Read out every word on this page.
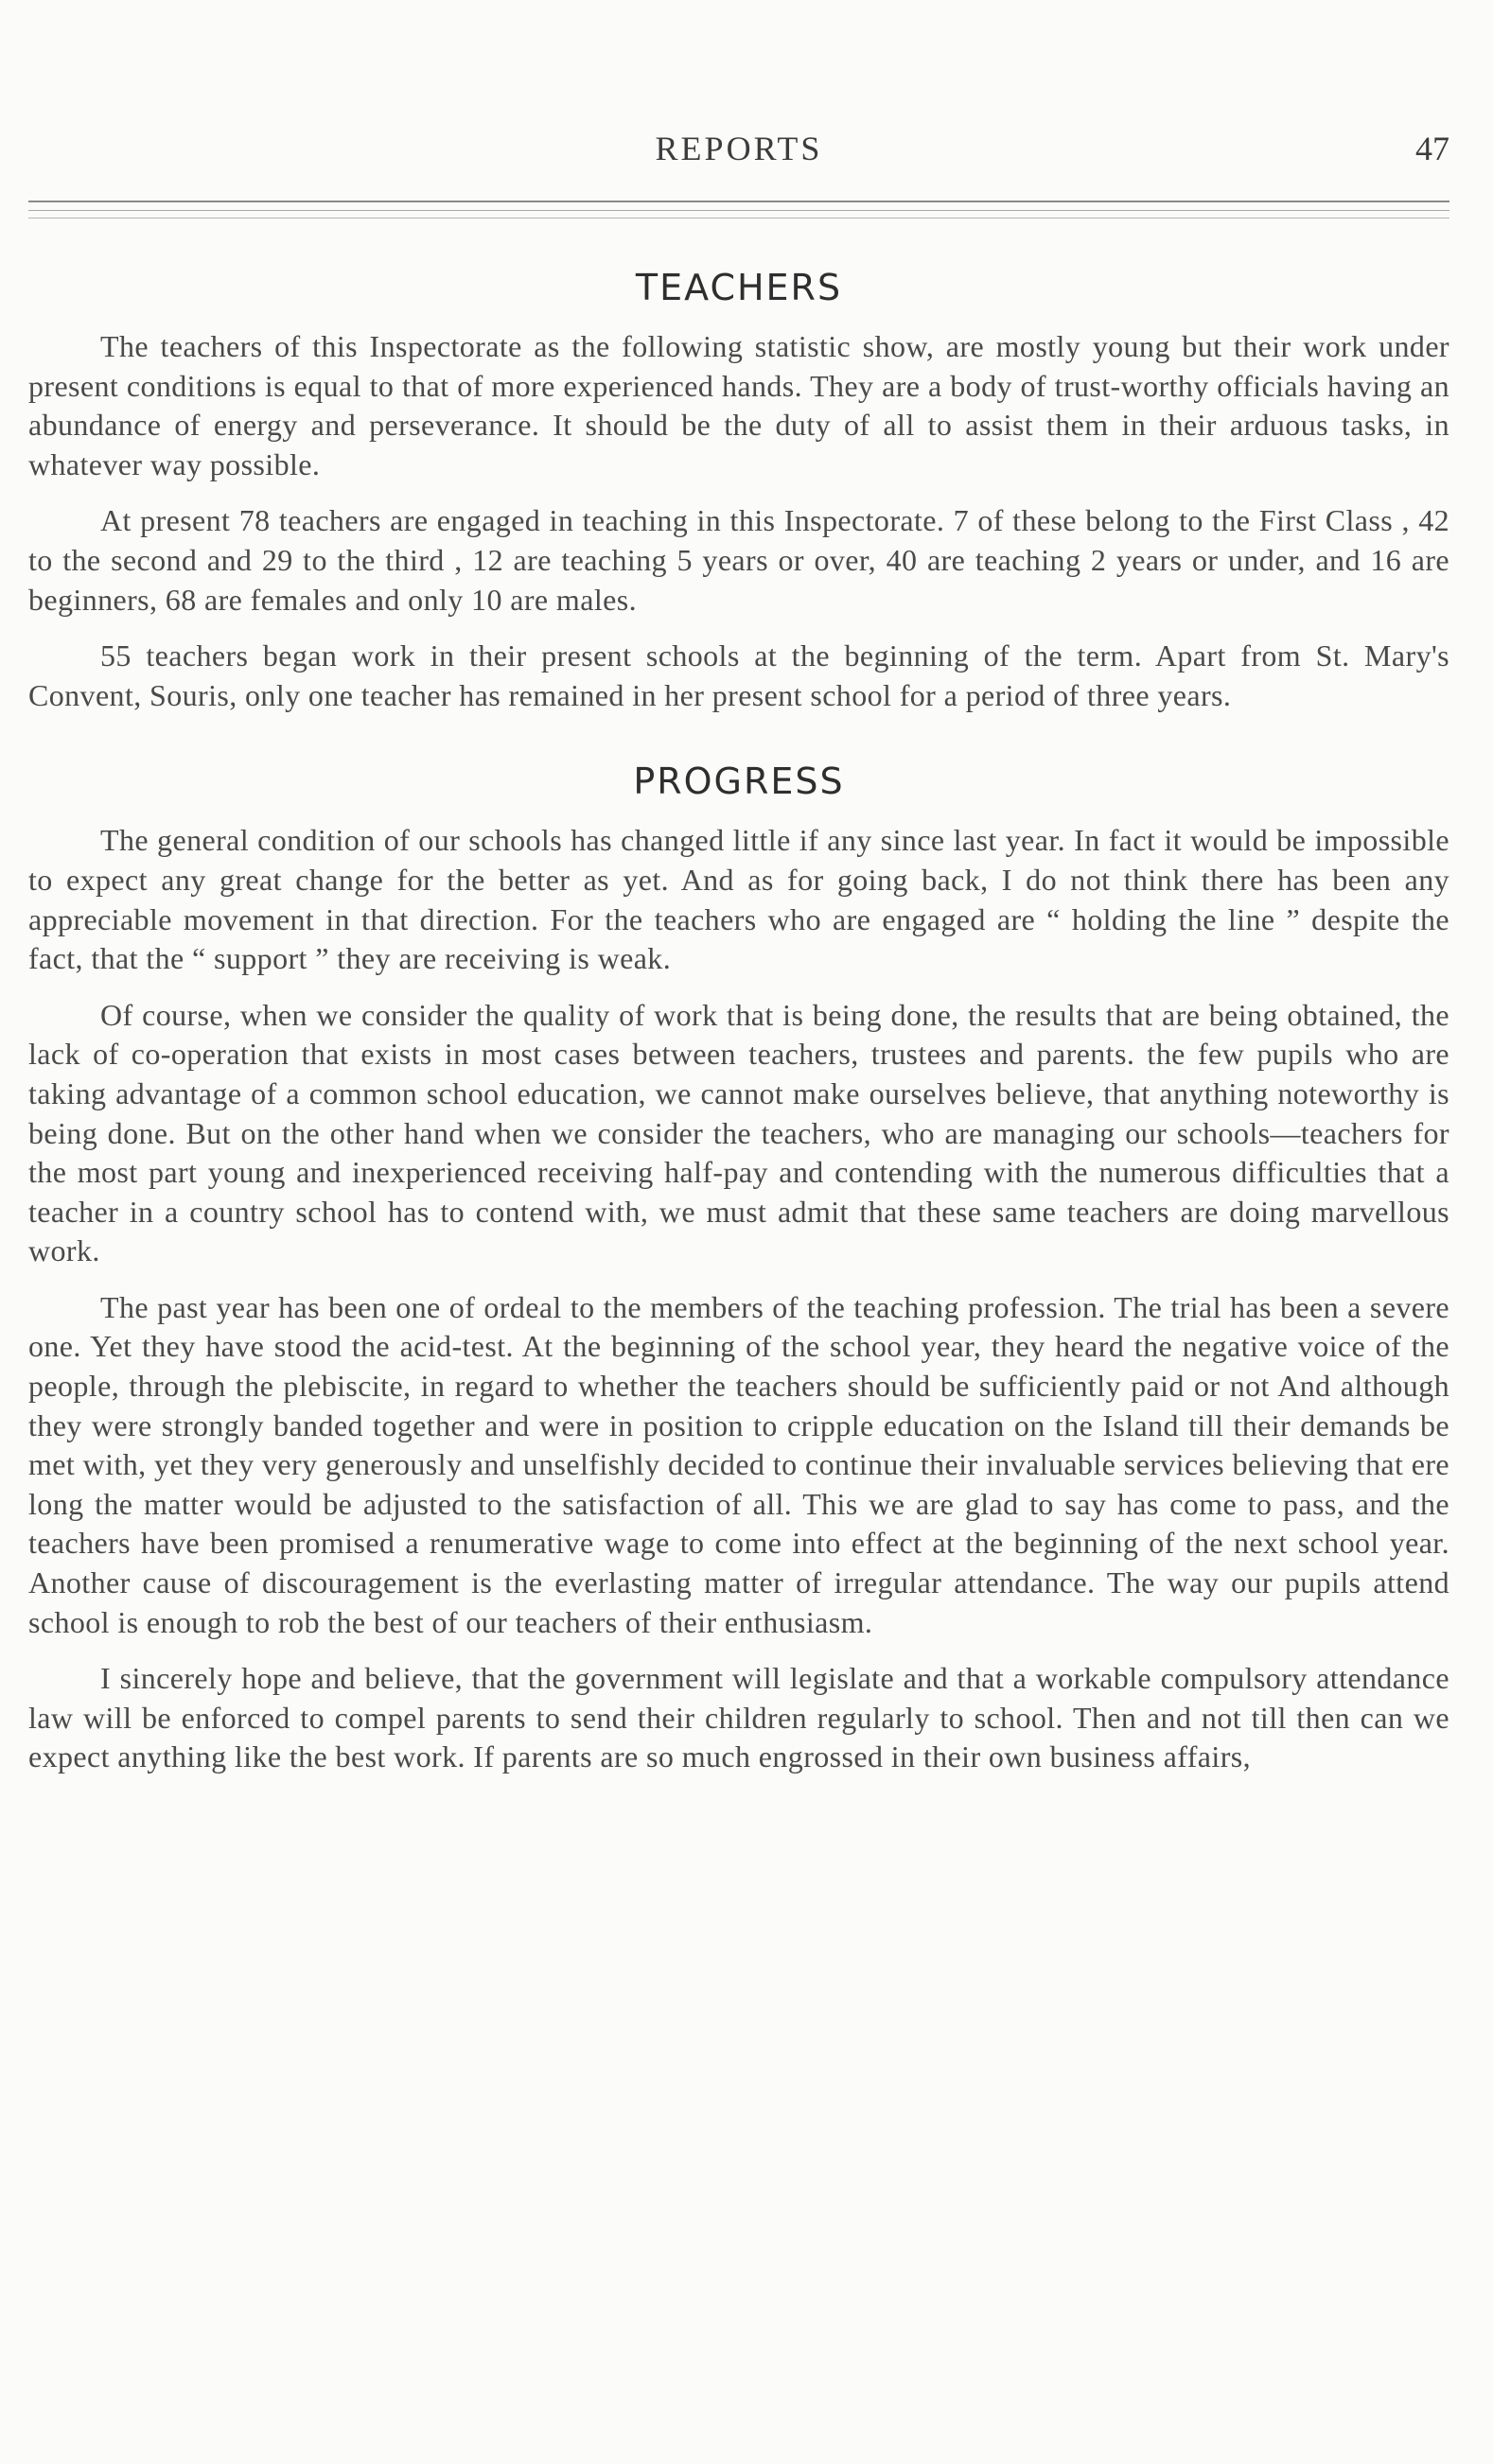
REPORTS	47
TEACHERS

The teachers of this Inspectorate as the following statistic show, are mostly young but their work under present conditions is equal to that of more experienced hands. They are a body of trust-worthy officials having an abundance of energy and perseverance. It should be the duty of all to assist them in their arduous tasks, in whatever way possible.

At present 78 teachers are engaged in teaching in this Inspectorate. 7 of these belong to the First Class , 42 to the second and 29 to the third , 12 are teaching 5 years or over, 40 are teaching 2 years or under, and 16 are beginners, 68 are females and only 10 are males.

55 teachers began work in their present schools at the beginning of the term. Apart from St. Mary's Convent, Souris, only one teacher has remained in her present school for a period of three years.

PROGRESS

The general condition of our schools has changed little if any since last year. In fact it would be impossible to expect any great change for the better as yet. And as for going back, I do not think there has been any appreciable movement in that direction. For the teachers who are engaged are “ holding the line ” despite the fact, that the “ support ” they are receiving is weak.

Of course, when we consider the quality of work that is being done, the results that are being obtained, the lack of co-operation that exists in most cases between teachers, trustees and parents. the few pupils who are taking advantage of a common school education, we cannot make ourselves believe, that anything noteworthy is being done. But on the other hand when we consider the teachers, who are managing our schools—teachers for the most part young and inexperienced receiving half-pay and contending with the numerous difficulties that a teacher in a country school has to contend with, we must admit that these same teachers are doing marvellous work.

The past year has been one of ordeal to the members of the teaching profession. The trial has been a severe one. Yet they have stood the acid-test. At the beginning of the school year, they heard the negative voice of the people, through the plebiscite, in regard to whether the teachers should be sufficiently paid or not And although they were strongly banded together and were in position to cripple education on the Island till their demands be met with, yet they very generously and unselfishly decided to continue their invaluable services believing that ere long the matter would be adjusted to the satisfaction of all. This we are glad to say has come to pass, and the teachers have been promised a renumerative wage to come into effect at the beginning of the next school year. Another cause of discouragement is the everlasting matter of irregular attendance. The way our pupils attend school is enough to rob the best of our teachers of their enthusiasm.

I sincerely hope and believe, that the government will legislate and that a workable compulsory attendance law will be enforced to compel parents to send their children regularly to school. Then and not till then can we expect anything like the best work. If parents are so much engrossed in their own business affairs,
